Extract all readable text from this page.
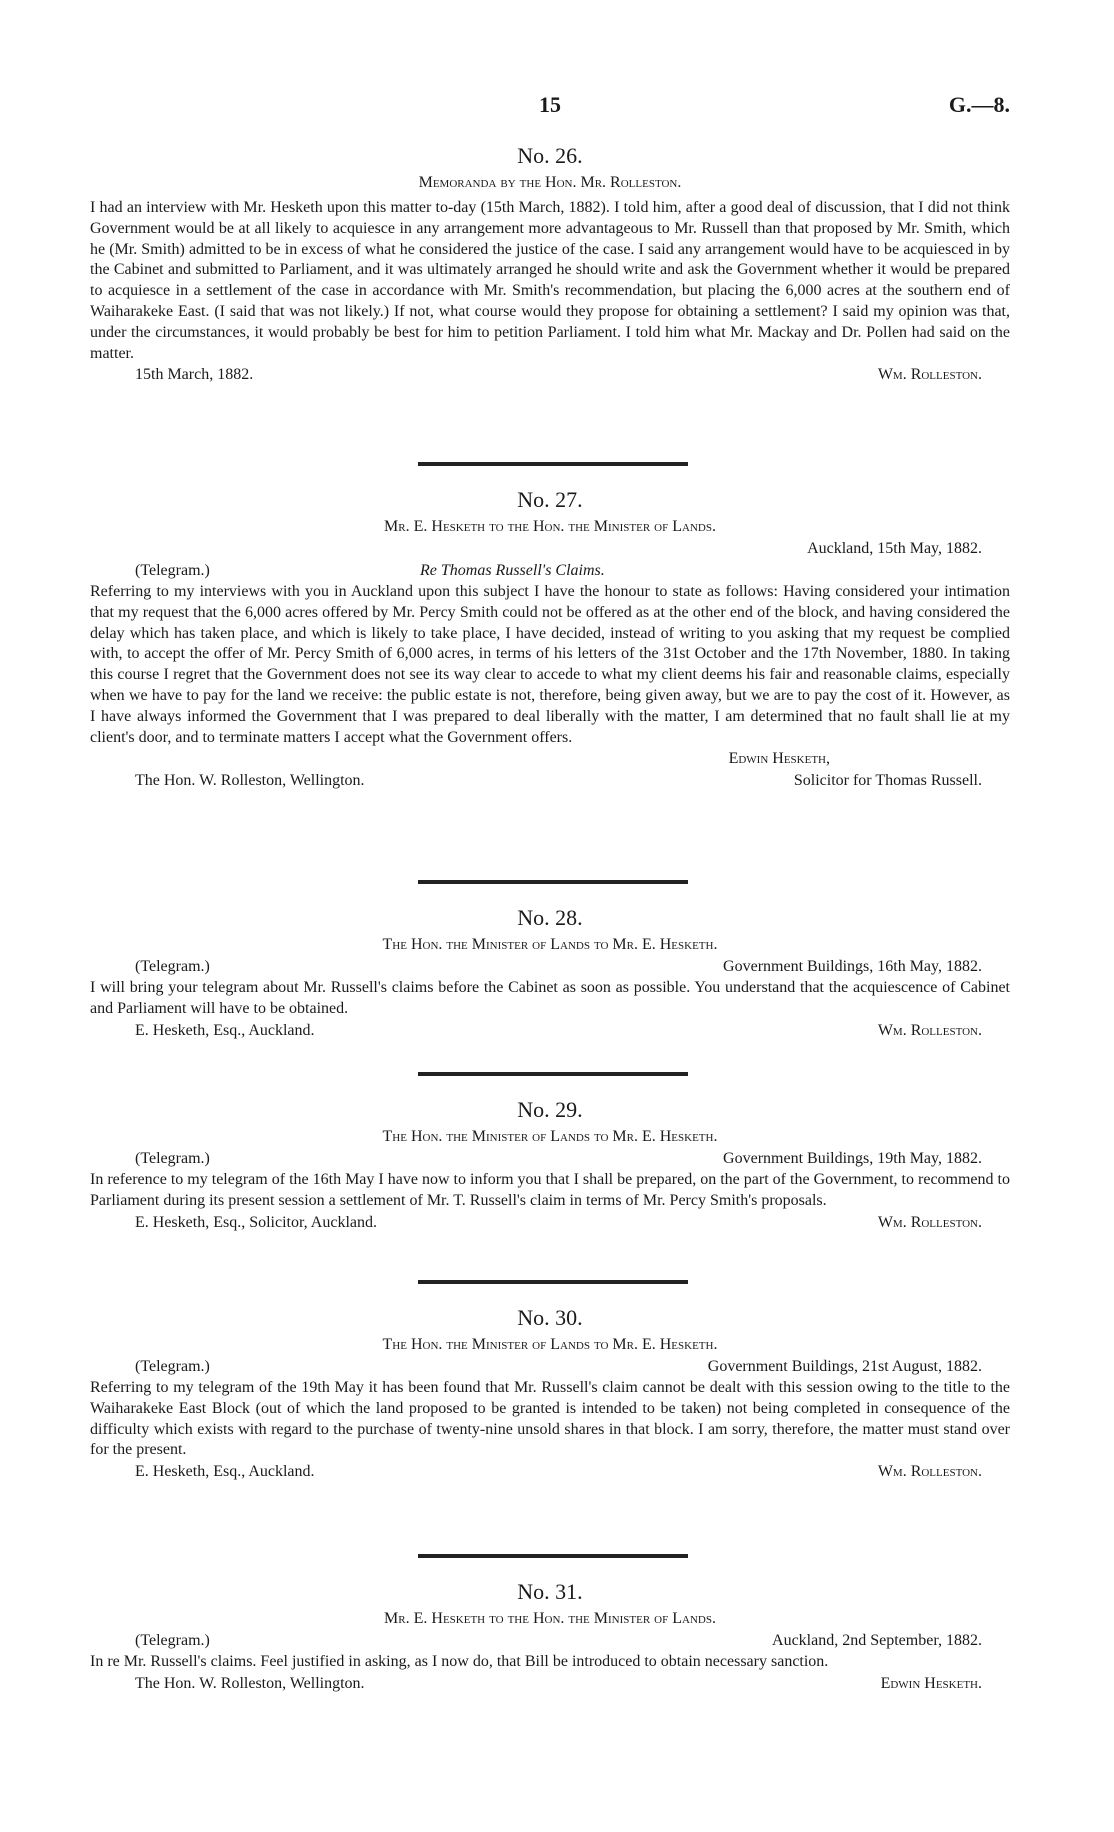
15	G.—8.

No. 26.

Memoranda by the Hon. Mr. Rolleston.

I had an interview with Mr. Hesketh upon this matter to-day (15th March, 1882). I told him, after a good deal of discussion, that I did not think Government would be at all likely to acquiesce in any arrangement more advantageous to Mr. Russell than that proposed by Mr. Smith, which he (Mr. Smith) admitted to be in excess of what he considered the justice of the case. I said any arrangement would have to be acquiesced in by the Cabinet and submitted to Parliament, and it was ultimately arranged he should write and ask the Government whether it would be prepared to acquiesce in a settlement of the case in accordance with Mr. Smith's recommendation, but placing the 6,000 acres at the southern end of Waiharakeke East. (I said that was not likely.) If not, what course would they propose for obtaining a settlement? I said my opinion was that, under the circumstances, it would probably be best for him to petition Parliament. I told him what Mr. Mackay and Dr. Pollen had said on the matter.

15th March, 1882.	Wm. Rolleston.

No. 27.

Mr. E. Hesketh to the Hon. the Minister of Lands.

Auckland, 15th May, 1882.
(Telegram.)	Re Thomas Russell's Claims.

Referring to my interviews with you in Auckland upon this subject I have the honour to state as follows: Having considered your intimation that my request that the 6,000 acres offered by Mr. Percy Smith could not be offered as at the other end of the block, and having considered the delay which has taken place, and which is likely to take place, I have decided, instead of writing to you asking that my request be complied with, to accept the offer of Mr. Percy Smith of 6,000 acres, in terms of his letters of the 31st October and the 17th November, 1880. In taking this course I regret that the Government does not see its way clear to accede to what my client deems his fair and reasonable claims, especially when we have to pay for the land we receive: the public estate is not, therefore, being given away, but we are to pay the cost of it. However, as I have always informed the Government that I was prepared to deal liberally with the matter, I am determined that no fault shall lie at my client's door, and to terminate matters I accept what the Government offers.

Edwin Hesketh,
The Hon. W. Rolleston, Wellington.	Solicitor for Thomas Russell.

No. 28.

The Hon. the Minister of Lands to Mr. E. Hesketh.

(Telegram.)	Government Buildings, 16th May, 1882.

I will bring your telegram about Mr. Russell's claims before the Cabinet as soon as possible. You understand that the acquiescence of Cabinet and Parliament will have to be obtained.

E. Hesketh, Esq., Auckland.	Wm. Rolleston.

No. 29.

The Hon. the Minister of Lands to Mr. E. Hesketh.

(Telegram.)	Government Buildings, 19th May, 1882.

In reference to my telegram of the 16th May I have now to inform you that I shall be prepared, on the part of the Government, to recommend to Parliament during its present session a settlement of Mr. T. Russell's claim in terms of Mr. Percy Smith's proposals.

E. Hesketh, Esq., Solicitor, Auckland.	Wm. Rolleston.

No. 30.

The Hon. the Minister of Lands to Mr. E. Hesketh.

(Telegram.)	Government Buildings, 21st August, 1882.

Referring to my telegram of the 19th May it has been found that Mr. Russell's claim cannot be dealt with this session owing to the title to the Waiharakeke East Block (out of which the land proposed to be granted is intended to be taken) not being completed in consequence of the difficulty which exists with regard to the purchase of twenty-nine unsold shares in that block. I am sorry, therefore, the matter must stand over for the present.

E. Hesketh, Esq., Auckland.	Wm. Rolleston.

No. 31.

Mr. E. Hesketh to the Hon. the Minister of Lands.

(Telegram.)	Auckland, 2nd September, 1882.

In re Mr. Russell's claims. Feel justified in asking, as I now do, that Bill be introduced to obtain necessary sanction.

The Hon. W. Rolleston, Wellington.	Edwin Hesketh.
